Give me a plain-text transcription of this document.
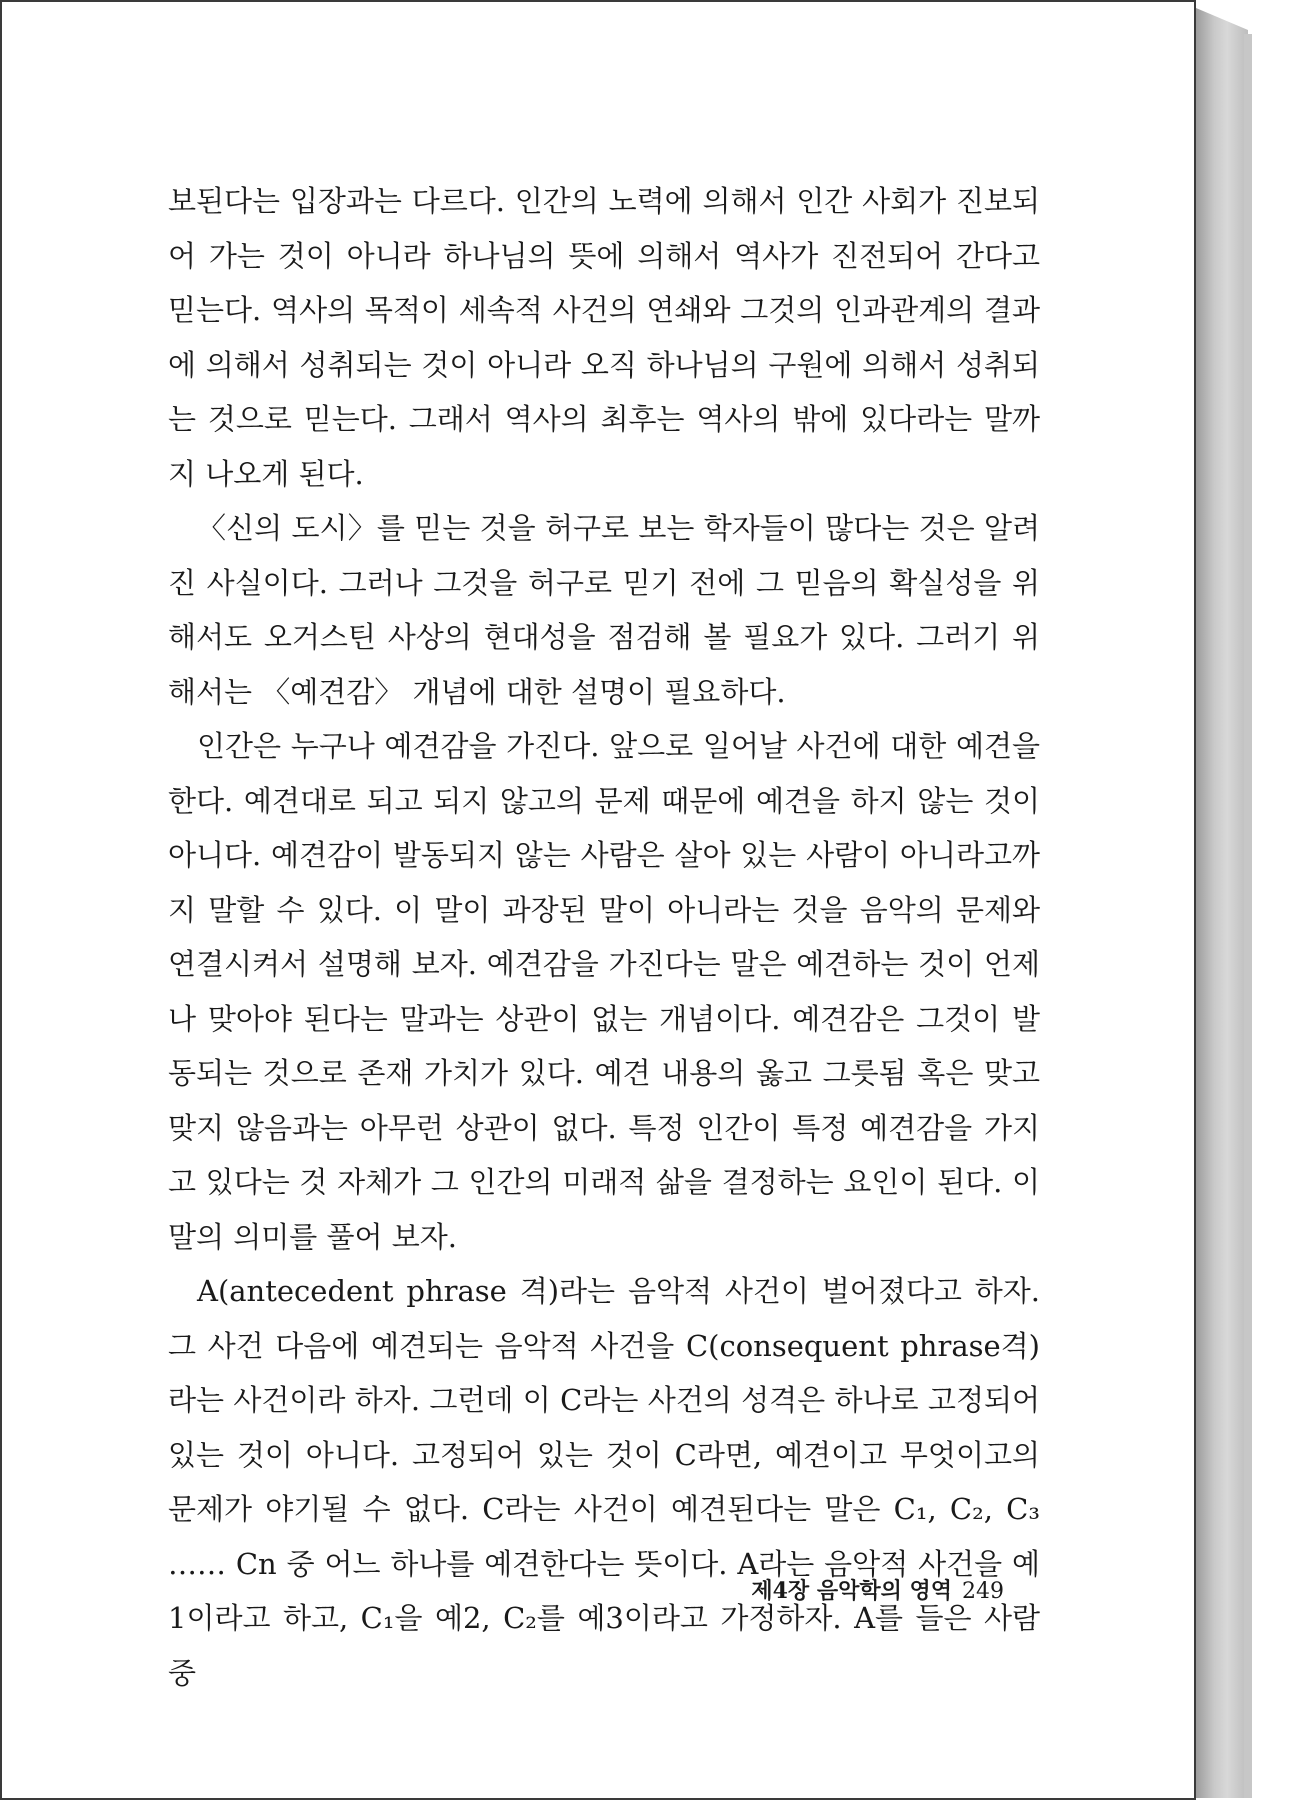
보된다는 입장과는 다르다. 인간의 노력에 의해서 인간 사회가 진보되어 가는 것이 아니라 하나님의 뜻에 의해서 역사가 진전되어 간다고 믿는다. 역사의 목적이 세속적 사건의 연쇄와 그것의 인과관계의 결과에 의해서 성취되는 것이 아니라 오직 하나님의 구원에 의해서 성취되는 것으로 믿는다. 그래서 역사의 최후는 역사의 밖에 있다라는 말까지 나오게 된다.

〈신의 도시〉를 믿는 것을 허구로 보는 학자들이 많다는 것은 알려진 사실이다. 그러나 그것을 허구로 믿기 전에 그 믿음의 확실성을 위해서도 오거스틴 사상의 현대성을 점검해 볼 필요가 있다. 그러기 위해서는 〈예견감〉 개념에 대한 설명이 필요하다.

인간은 누구나 예견감을 가진다. 앞으로 일어날 사건에 대한 예견을 한다. 예견대로 되고 되지 않고의 문제 때문에 예견을 하지 않는 것이 아니다. 예견감이 발동되지 않는 사람은 살아 있는 사람이 아니라고까지 말할 수 있다. 이 말이 과장된 말이 아니라는 것을 음악의 문제와 연결시켜서 설명해 보자. 예견감을 가진다는 말은 예견하는 것이 언제나 맞아야 된다는 말과는 상관이 없는 개념이다. 예견감은 그것이 발동되는 것으로 존재 가치가 있다. 예견 내용의 옳고 그릇됨 혹은 맞고 맞지 않음과는 아무런 상관이 없다. 특정 인간이 특정 예견감을 가지고 있다는 것 자체가 그 인간의 미래적 삶을 결정하는 요인이 된다. 이 말의 의미를 풀어 보자.

A(antecedent phrase 격)라는 음악적 사건이 벌어졌다고 하자. 그 사건 다음에 예견되는 음악적 사건을 C(consequent phrase격)라는 사건이라 하자. 그런데 이 C라는 사건의 성격은 하나로 고정되어 있는 것이 아니다. 고정되어 있는 것이 C라면, 예견이고 무엇이고의 문제가 야기될 수 없다. C라는 사건이 예견된다는 말은 C₁, C₂, C₃ …… Cn 중 어느 하나를 예견한다는 뜻이다. A라는 음악적 사건을 예1이라고 하고, C₁을 예2, C₂를 예3이라고 가정하자. A를 들은 사람 중

제4장 음악학의 영역 249
